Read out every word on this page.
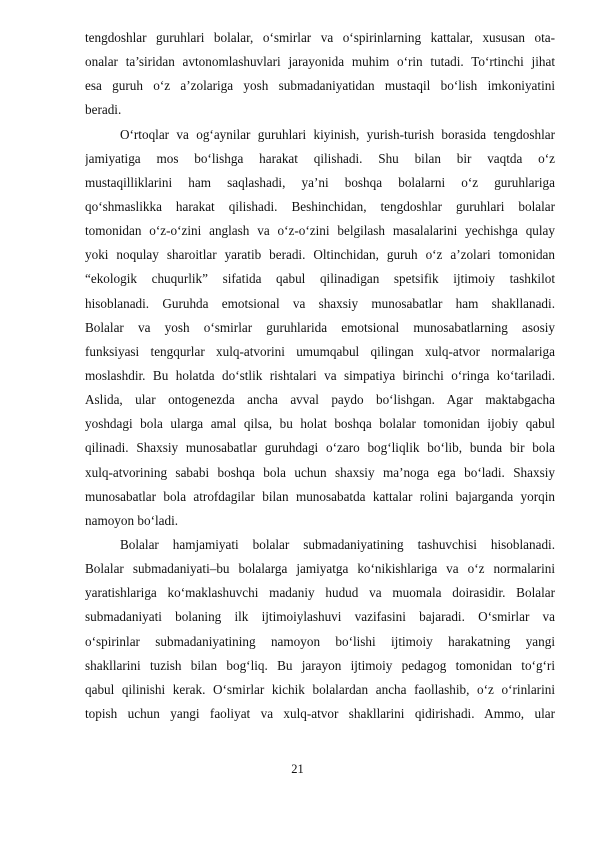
tengdoshlar guruhlari bolalar, o‘smirlar va o‘spirinlarning kattalar, xususan ota-
onalar ta’siridan avtonomlashuvlari jarayonida muhim o‘rin tutadi. To‘rtinchi jihat
esa guruh o‘z a’zolariga yosh submadaniyatidan mustaqil bo‘lish imkoniyatini
beradi.
O‘rtoqlar va og‘aynilar guruhlari kiyinish, yurish-turish borasida tengdoshlar
jamiyatiga mos bo‘lishga harakat qilishadi. Shu bilan bir vaqtda o‘z
mustaqilliklarini ham saqlashadi, ya’ni boshqa bolalarni o‘z guruhlariga
qo‘shmaslikka harakat qilishadi. Beshinchidan, tengdoshlar guruhlari bolalar
tomonidan o‘z-o‘zini anglash va o‘z-o‘zini belgilash masalalarini yechishga qulay
yoki noqulay sharoitlar yaratib beradi. Oltinchidan, guruh o‘z a’zolari tomonidan
“ekologik chuqurlik” sifatida qabul qilinadigan spetsifik ijtimoiy tashkilot
hisoblanadi. Guruhda emotsional va shaxsiy munosabatlar ham shakllanadi.
Bolalar va yosh o‘smirlar guruhlarida emotsional munosabatlarning asosiy
funksiyasi tengqurlar xulq-atvorini umumqabul qilingan xulq-atvor normalariga
moslashdir. Bu holatda do‘stlik rishtalari va simpatiya birinchi o‘ringa ko‘tariladi.
Aslida, ular ontogenezda ancha avval paydo bo‘lishgan. Agar maktabgacha
yoshdagi bola ularga amal qilsa, bu holat boshqa bolalar tomonidan ijobiy qabul
qilinadi. Shaxsiy munosabatlar guruhdagi o‘zaro bog‘liqlik bo‘lib, bunda bir bola
xulq-atvorining sababi boshqa bola uchun shaxsiy ma’noga ega bo‘ladi. Shaxsiy
munosabatlar bola atrofdagilar bilan munosabatda kattalar rolini bajarganda yorqin
namoyon bo‘ladi.
Bolalar hamjamiyati bolalar submadaniyatining tashuvchisi hisoblanadi.
Bolalar submadaniyati–bu bolalarga jamiyatga ko‘nikishlariga va o‘z normalarini
yaratishlariga ko‘maklashuvchi madaniy hudud va muomala doirasidir. Bolalar
submadaniyati bolaning ilk ijtimoiylashuvi vazifasini bajaradi. O‘smirlar va
o‘spirinlar submadaniyatining namoyon bo‘lishi ijtimoiy harakatning yangi
shakllarini tuzish bilan bog‘liq. Bu jarayon ijtimoiy pedagog tomonidan to‘g‘ri
qabul qilinishi kerak. O‘smirlar kichik bolalardan ancha faollashib, o‘z o‘rinlarini
topish uchun yangi faoliyat va xulq-atvor shakllarini qidirishadi. Ammo, ular
21
